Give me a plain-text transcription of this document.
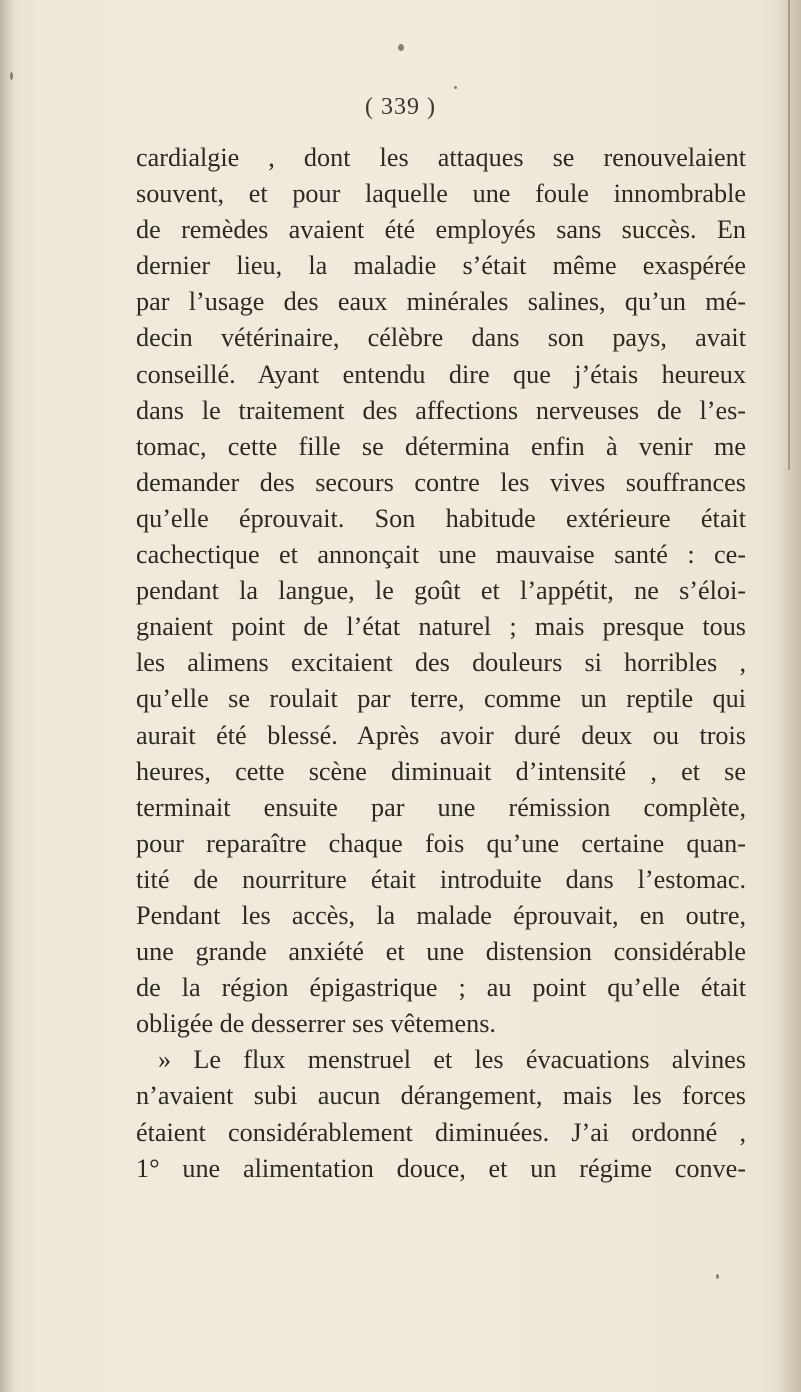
( 339 )
cardialgie , dont les attaques se renouvelaient
souvent, et pour laquelle une foule innombrable
de remèdes avaient été employés sans succès. En
dernier lieu, la maladie s’était même exaspérée
par l’usage des eaux minérales salines, qu’un mé-
decin vétérinaire, célèbre dans son pays, avait
conseillé. Ayant entendu dire que j’étais heureux
dans le traitement des affections nerveuses de l’es-
tomac, cette fille se détermina enfin à venir me
demander des secours contre les vives souffrances
qu’elle éprouvait. Son habitude extérieure était
cachectique et annonçait une mauvaise santé : ce-
pendant la langue, le goût et l’appétit, ne s’éloi-
gnaient point de l’état naturel ; mais presque tous
les alimens excitaient des douleurs si horribles ,
qu’elle se roulait par terre, comme un reptile qui
aurait été blessé. Après avoir duré deux ou trois
heures, cette scène diminuait d’intensité , et se
terminait ensuite par une rémission complète,
pour reparaître chaque fois qu’une certaine quan-
tité de nourriture était introduite dans l’estomac.
Pendant les accès, la malade éprouvait, en outre,
une grande anxiété et une distension considérable
de la région épigastrique ; au point qu’elle était
obligée de desserrer ses vêtemens.
» Le flux menstruel et les évacuations alvines
n’avaient subi aucun dérangement, mais les forces
étaient considérablement diminuées. J’ai ordonné ,
1° une alimentation douce, et un régime conve-
